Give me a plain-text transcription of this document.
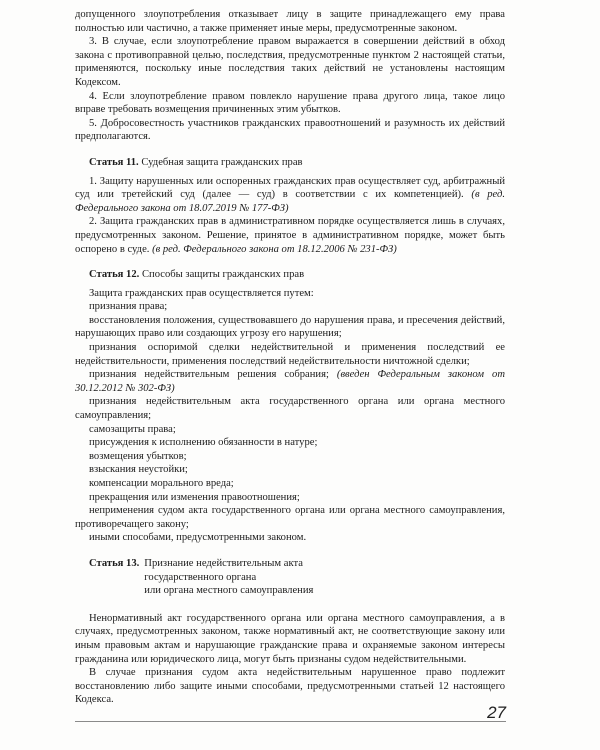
допущенного злоупотребления отказывает лицу в защите принадлежащего ему права полностью или частично, а также применяет иные меры, предусмотренные законом.

3. В случае, если злоупотребление правом выражается в совершении действий в обход закона с противоправной целью, последствия, предусмотренные пунктом 2 настоящей статьи, применяются, поскольку иные последствия таких действий не установлены настоящим Кодексом.

4. Если злоупотребление правом повлекло нарушение права другого лица, такое лицо вправе требовать возмещения причиненных этим убытков.

5. Добросовестность участников гражданских правоотношений и разумность их действий предполагаются.

Статья 11. Судебная защита гражданских прав

1. Защиту нарушенных или оспоренных гражданских прав осуществляет суд, арбитражный суд или третейский суд (далее — суд) в соответствии с их компетенцией). (в ред. Федерального закона от 18.07.2019 № 177-ФЗ)

2. Защита гражданских прав в административном порядке осуществляется лишь в случаях, предусмотренных законом. Решение, принятое в административном порядке, может быть оспорено в суде. (в ред. Федерального закона от 18.12.2006 № 231-ФЗ)

Статья 12. Способы защиты гражданских прав

Защита гражданских прав осуществляется путем:

признания права;

восстановления положения, существовавшего до нарушения права, и пресечения действий, нарушающих право или создающих угрозу его нарушения;

признания оспоримой сделки недействительной и применения последствий ее недействительности, применения последствий недействительности ничтожной сделки;

признания недействительным решения собрания; (введен Федеральным законом от 30.12.2012 № 302-ФЗ)

признания недействительным акта государственного органа или органа местного самоуправления;

самозащиты права;

присуждения к исполнению обязанности в натуре;

возмещения убытков;

взыскания неустойки;

компенсации морального вреда;

прекращения или изменения правоотношения;

неприменения судом акта государственного органа или органа местного самоуправления, противоречащего закону;

иными способами, предусмотренными законом.

Статья 13. Признание недействительным акта
государственного органа
или органа местного самоуправления

Ненормативный акт государственного органа или органа местного самоуправления, а в случаях, предусмотренных законом, также нормативный акт, не соответствующие закону или иным правовым актам и нарушающие гражданские права и охраняемые законом интересы гражданина или юридического лица, могут быть признаны судом недействительными.

В случае признания судом акта недействительным нарушенное право подлежит восстановлению либо защите иными способами, предусмотренными статьей 12 настоящего Кодекса.

27
